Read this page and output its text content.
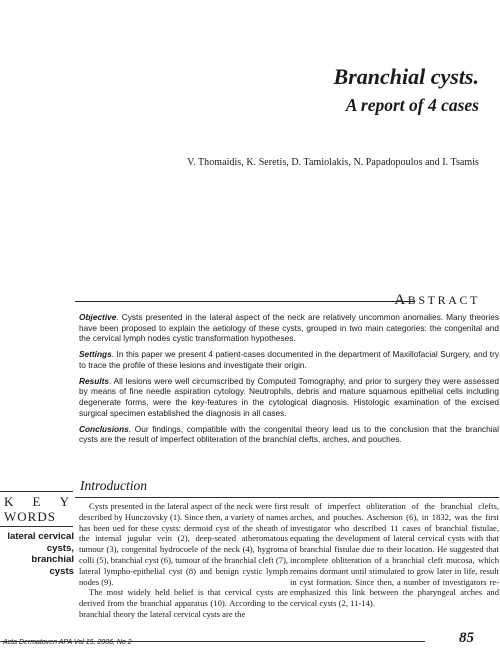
Branchial cysts.
A report of 4 cases
V. Thomaidis, K. Seretis, D. Tamiolakis, N. Papadopoulos and I. Tsamis
ABSTRACT

Objective. Cysts presented in the lateral aspect of the neck are relatively uncommon anomalies. Many theories have been proposed to explain the aetiology of these cysts, grouped in two main categories: the congenital and the cervical lymph nodes cystic transformation hypotheses.

Settings. In this paper we present 4 patient-cases documented in the department of Maxillofacial Surgery, and try to trace the profile of these lesions and investigate their origin.

Results. All lesions were well circumscribed by Computed Tomography, and prior to surgery they were assessed by means of fine needle aspiration cytology. Neutrophils, debris and mature squamous epithelial cells including degenerate forms, were the key-features in the cytological diagnosis. Histologic examination of the excised surgical specimen established the diagnosis in all cases.

Conclusions. Our findings, compatible with the congenital theory lead us to the conclusion that the branchial cysts are the result of imperfect obliteration of the branchial clefts, arches, and pouches.

Introduction
K E Y
WORDS
lateral cervical
cysts,
branchial
cysts

Cysts presented in the lateral aspect of the neck were first described by Hunczovsky (1). Since then, a variety of names has been ued for these cysts: dermoid cyst of the sheath of the internal jugular vein (2), deep-seated atheromatous tumour (3), congenital hydrocoele of the neck (4), hygroma colli (5), branchial cyst (6), tumour of the branchial cleft (7), lateral lympho-epithelial cyst (8) and benign cystic lymph nodes (9).

The most widely held belief is that cervical cysts are derived from the branchial apparatus (10). According to the branchial theory the lateral cervical cysts are the

result of imperfect obliteration of the branchial clefts, arches, and pouches. Ascherson (6), in 1832, was the first investigator who described 11 cases of branchial fistulae, equating the development of lateral cervical cysts with that of branchial fistulae due to their location. He suggested that incomplete obliteration of a branchial cleft mucosa, which remains dormant until stimulated to grow later in life, result in cyst formation. Since then, a number of investigators re-emphasized this link between the pharyngeal arches and cervical cysts (2, 11-14).

Acta Dermatoven APA Vol 15, 2006, No 2	85
